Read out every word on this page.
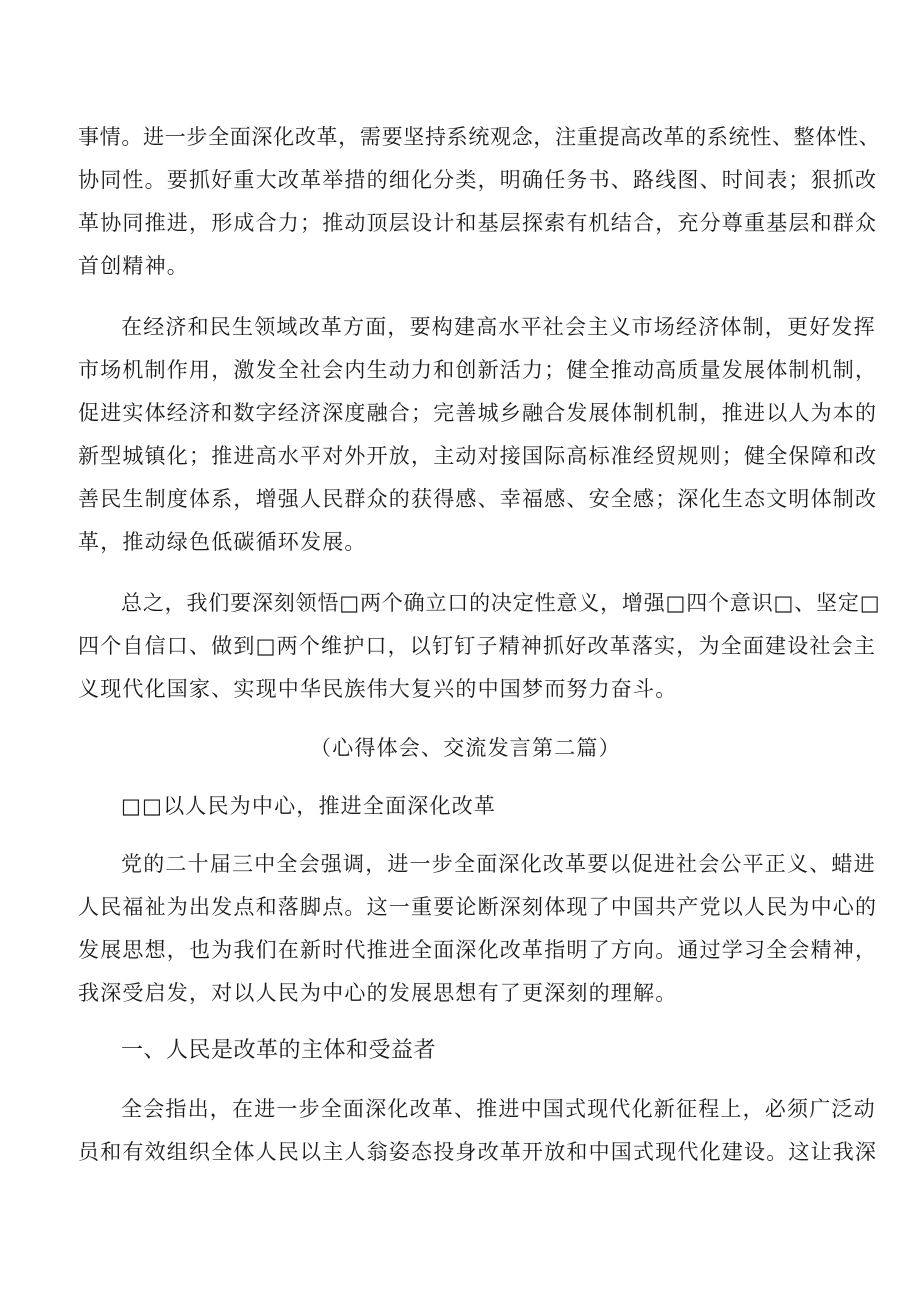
事情。进一步全面深化改革，需要坚持系统观念，注重提高改革的系统性、整体性、
协同性。要抓好重大改革举措的细化分类，明确任务书、路线图、时间表；狠抓改
革协同推进，形成合力；推动顶层设计和基层探索有机结合，充分尊重基层和群众
首创精神。
在经济和民生领域改革方面，要构建高水平社会主义市场经济体制，更好发挥
市场机制作用，激发全社会内生动力和创新活力；健全推动高质量发展体制机制，
促进实体经济和数字经济深度融合；完善城乡融合发展体制机制，推进以人为本的
新型城镇化；推进高水平对外开放，主动对接国际高标准经贸规则；健全保障和改
善民生制度体系，增强人民群众的获得感、幸福感、安全感；深化生态文明体制改
革，推动绿色低碳循环发展。
总之，我们要深刻领悟□两个确立口的决定性意义，增强□四个意识□、坚定□
四个自信口、做到□两个维护口，以钉钉子精神抓好改革落实，为全面建设社会主
义现代化国家、实现中华民族伟大复兴的中国梦而努力奋斗。
（心得体会、交流发言第二篇）
□□以人民为中心，推进全面深化改革
党的二十届三中全会强调，进一步全面深化改革要以促进社会公平正义、蜡进
人民福祉为出发点和落脚点。这一重要论断深刻体现了中国共产党以人民为中心的
发展思想，也为我们在新时代推进全面深化改革指明了方向。通过学习全会精神，
我深受启发，对以人民为中心的发展思想有了更深刻的理解。
一、人民是改革的主体和受益者
全会指出，在进一步全面深化改革、推进中国式现代化新征程上，必须广泛动
员和有效组织全体人民以主人翁姿态投身改革开放和中国式现代化建设。这让我深
